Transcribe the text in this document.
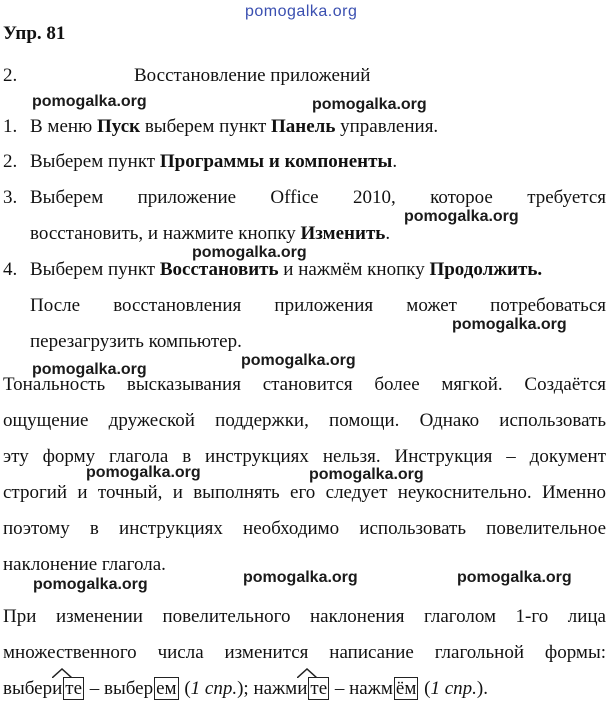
pomogalka.org
pomogalka.org	pomogalka.org
pomogalka.org
pomogalka.org
pomogalka.org
pomogalka.org
pomogalka.org
pomogalka.org	pomogalka.org
pomogalka.org	pomogalka.org	pomogalka.org
Упр. 81
2.	Восстановление приложений
1. В меню Пуск выберем пункт Панель управления.
2. Выберем пункт Программы и компоненты.
3. Выберем приложение Office 2010, которое требуется
восстановить, и нажмите кнопку Изменить.
4. Выберем пункт Восстановить и нажмём кнопку Продолжить.
После восстановления приложения может потребоваться
перезагрузить компьютер.
Тональность высказывания становится более мягкой. Создаётся
ощущение дружеской поддержки, помощи. Однако использовать
эту форму глагола в инструкциях нельзя. Инструкция – документ
строгий и точный, и выполнять его следует неукоснительно. Именно
поэтому в инструкциях необходимо использовать повелительное
наклонение глагола.
При изменении повелительного наклонения глаголом 1-го лица
множественного числа изменится написание глагольной формы:
выбер
и те – выбер ем (1 спр.); нажм
и те – нажм ём (1 спр.).
